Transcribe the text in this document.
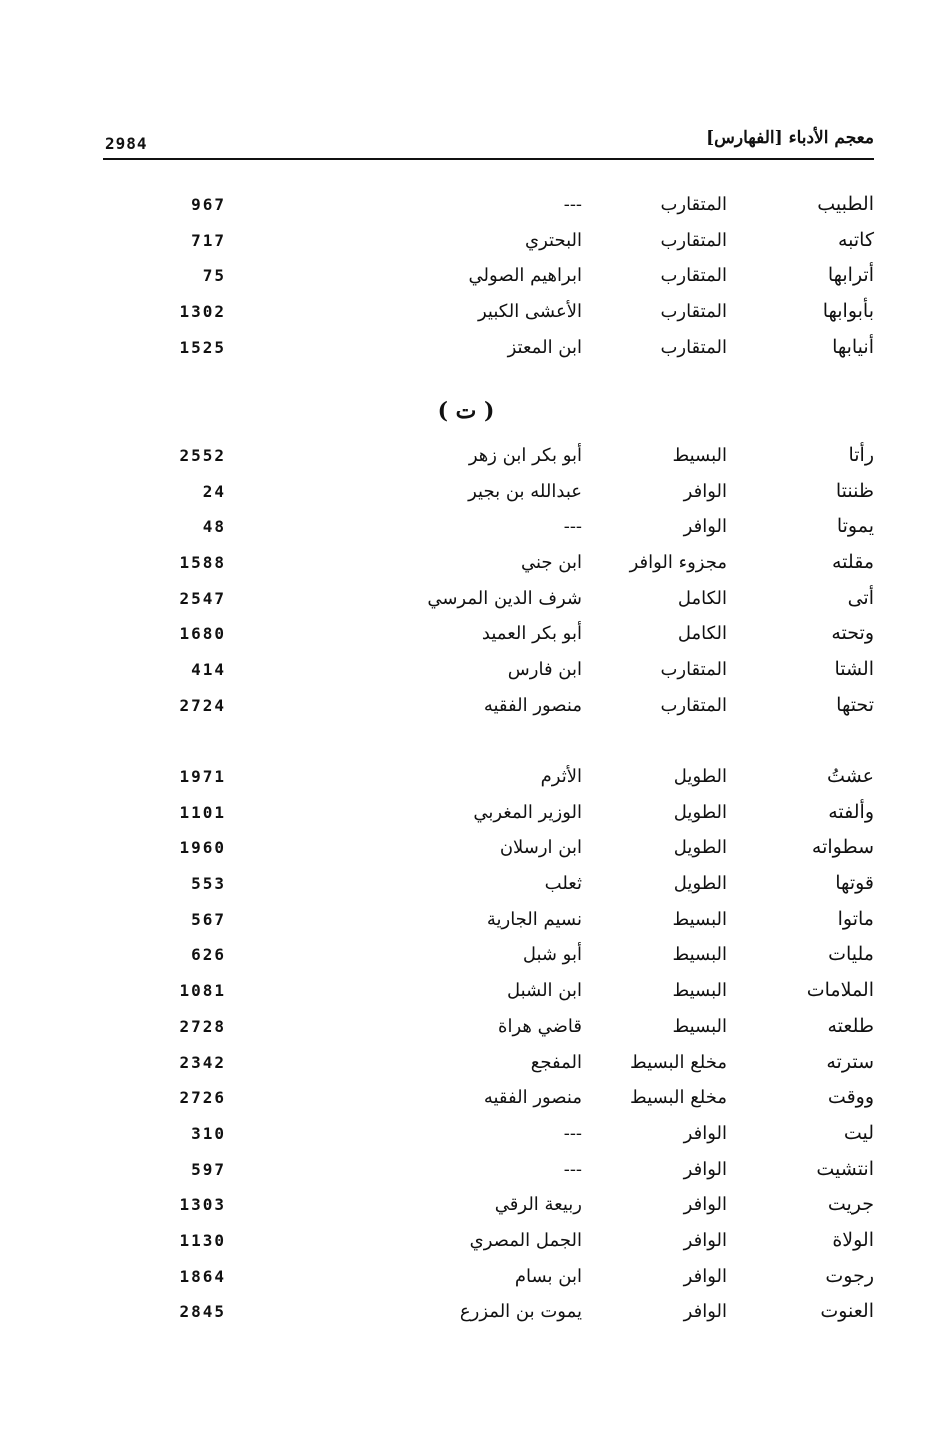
2984	معجم الأدباء [الفهارس]
الطبيب
المتقارب
---
967
كاتبه
المتقارب
البحتري
717
أترابها
المتقارب
ابراهيم الصولي
75
بأبوابها
المتقارب
الأعشى الكبير
1302
أنيابها
المتقارب
ابن المعتز
1525
( ت )
رأتا
البسيط
أبو بكر ابن زهر
2552
ظننتا
الوافر
عبدالله بن بجير
24
يموتا
الوافر
---
48
مقلته
مجزوء الوافر
ابن جني
1588
أتى
الكامل
شرف الدين المرسي
2547
وتحته
الكامل
أبو بكر العميد
1680
الشتا
المتقارب
ابن فارس
414
تحتها
المتقارب
منصور الفقيه
2724
عشتُ
الطويل
الأثرم
1971
وألفته
الطويل
الوزير المغربي
1101
سطواته
الطويل
ابن ارسلان
1960
قوتها
الطويل
ثعلب
553
ماتوا
البسيط
نسيم الجارية
567
مليات
البسيط
أبو شبل
626
الملامات
البسيط
ابن الشبل
1081
طلعته
البسيط
قاضي هراة
2728
سترته
مخلع البسيط
المفجع
2342
ووقت
مخلع البسيط
منصور الفقيه
2726
ليت
الوافر
---
310
انتشيت
الوافر
---
597
جريت
الوافر
ربيعة الرقي
1303
الولاة
الوافر
الجمل المصري
1130
رجوت
الوافر
ابن بسام
1864
العنوت
الوافر
يموت بن المزرع
2845
